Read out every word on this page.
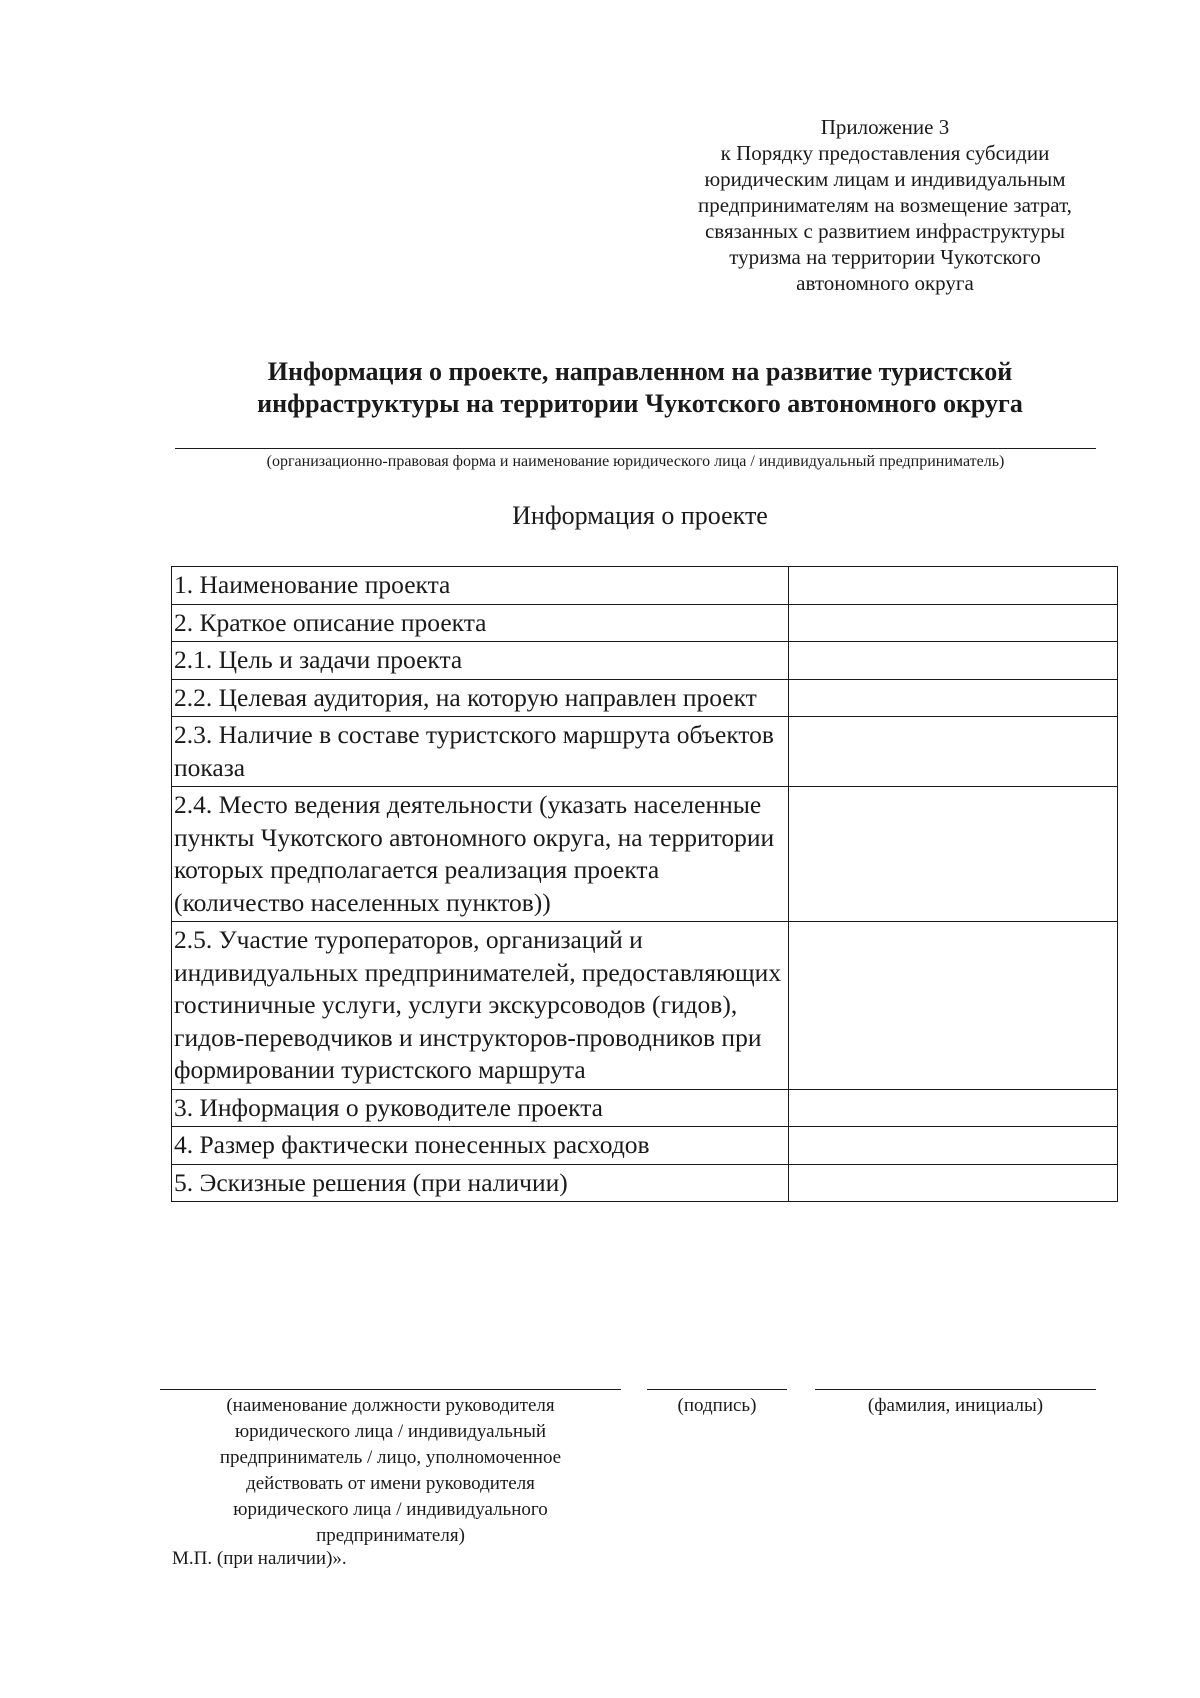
Приложение 3
к Порядку предоставления субсидии
юридическим лицам и индивидуальным
предпринимателям на возмещение затрат,
связанных с развитием инфраструктуры
туризма на территории Чукотского
автономного округа
Информация о проекте, направленном на развитие туристской
инфраструктуры на территории Чукотского автономного округа
(организационно-правовая форма и наименование юридического лица / индивидуальный предприниматель)
Информация о проекте
1. Наименование проекта	
2. Краткое описание проекта	
2.1. Цель и задачи проекта	
2.2. Целевая аудитория, на которую направлен проект	
2.3. Наличие в составе туристского маршрута объектов показа	
2.4. Место ведения деятельности (указать населенные пункты Чукотского автономного округа, на территории которых предполагается реализация проекта (количество населенных пунктов))	
2.5. Участие туроператоров, организаций и индивидуальных предпринимателей, предоставляющих гостиничные услуги, услуги экскурсоводов (гидов), гидов-переводчиков и инструкторов-проводников при формировании туристского маршрута	
3. Информация о руководителе проекта	
4. Размер фактически понесенных расходов	
5. Эскизные решения (при наличии)	
(наименование должности руководителя
юридического лица / индивидуальный
предприниматель / лицо, уполномоченное
действовать от имени руководителя
юридического лица / индивидуального
предпринимателя)
(подпись)	(фамилия, инициалы)
М.П. (при наличии)».
